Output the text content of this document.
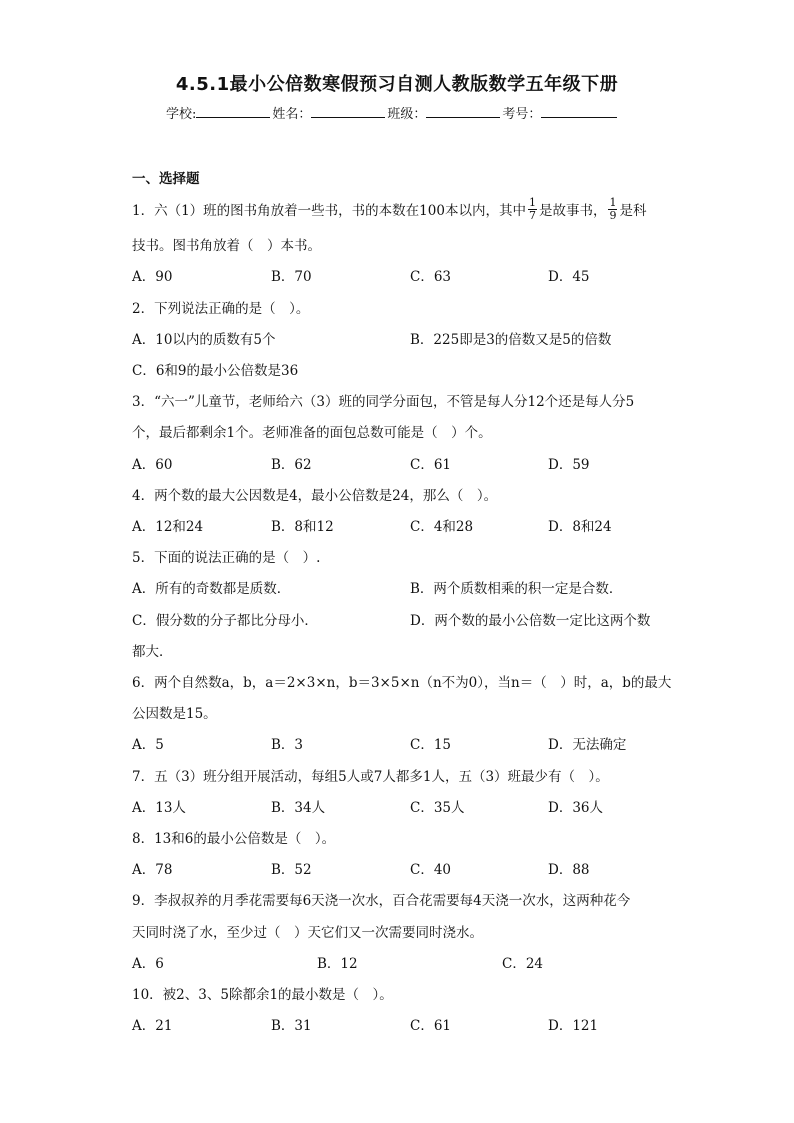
4.5.1最小公倍数寒假预习自测人教版数学五年级下册
学校:	姓名：	班级：	考号：
一、选择题
1．六（1）班的图书角放着一些书，书的本数在100本以内，其中 $\frac{1}{7}$ 是故事书， $\frac{1}{9}$ 是科
技书。图书角放着（　）本书。
A．90	B．70	C．63	D．45
2．下列说法正确的是（　）。
A．10以内的质数有5个	B．225即是3的倍数又是5的倍数
C．6和9的最小公倍数是36
3．“六一”儿童节，老师给六（3）班的同学分面包，不管是每人分12个还是每人分5
个，最后都剩余1个。老师准备的面包总数可能是（　）个。
A．60	B．62	C．61	D．59
4．两个数的最大公因数是4，最小公倍数是24，那么（　）。
A．12和24	B．8和12	C．4和28	D．8和24
5．下面的说法正确的是（　）.
A．所有的奇数都是质数．	B．两个质数相乘的积一定是合数．
C．假分数的分子都比分母小．	D．两个数的最小公倍数一定比这两个数
都大．
6．两个自然数a，b，a＝2×3×n，b＝3×5×n（n不为0），当n＝（　）时，a，b的最大
公因数是15。
A．5	B．3	C．15	D．无法确定
7．五（3）班分组开展活动，每组5人或7人都多1人，五（3）班最少有（　）。
A．13人	B．34人	C．35人	D．36人
8．13和6的最小公倍数是（　）。
A．78	B．52	C．40	D．88
9．李叔叔养的月季花需要每6天浇一次水，百合花需要每4天浇一次水，这两种花今
天同时浇了水，至少过（　）天它们又一次需要同时浇水。
A．6	B．12	C．24
10．被2、3、5除都余1的最小数是（　）。
A．21	B．31	C．61	D．121
